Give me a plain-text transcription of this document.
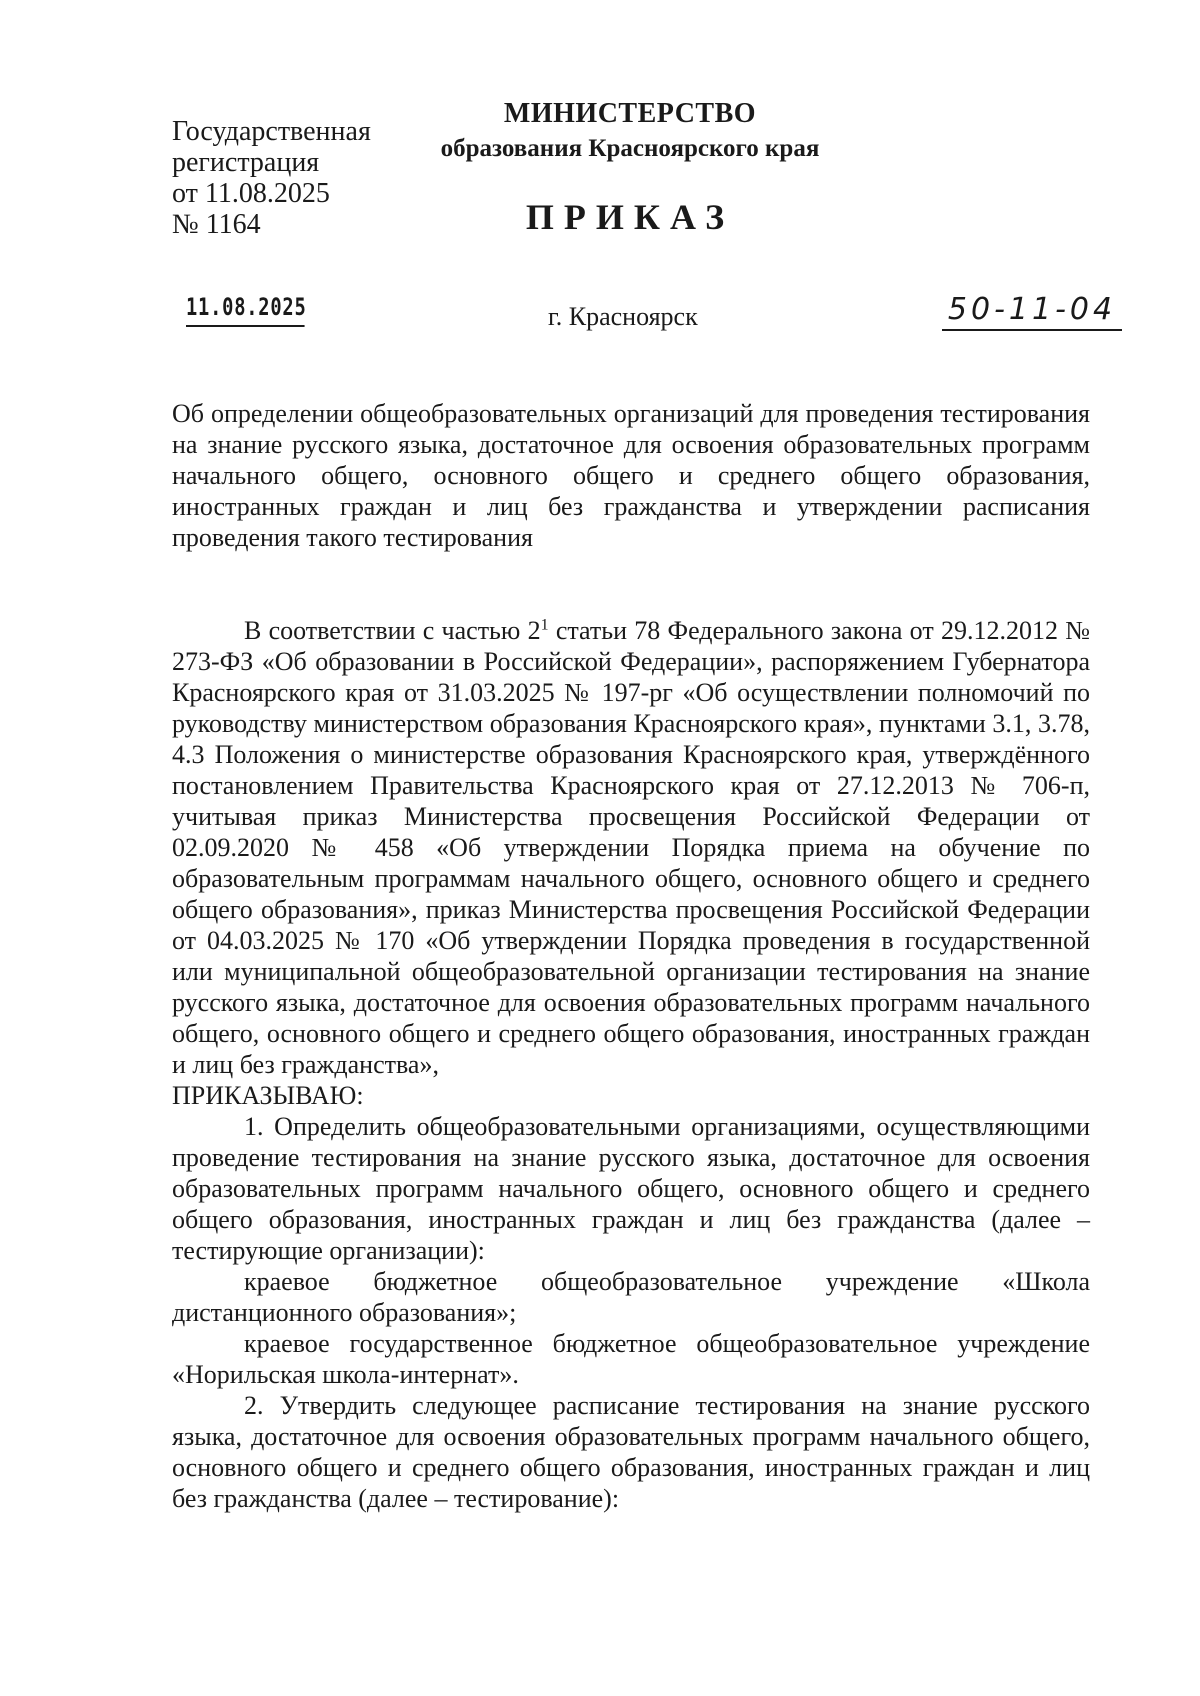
Государственная
регистрация
от 11.08.2025
№ 1164
МИНИСТЕРСТВО
образования Красноярского края
ПРИКАЗ
11.08.2025	г. Красноярск	50-11-04
Об определении общеобразовательных организаций для проведения тестирования на знание русского языка, достаточное для освоения образовательных программ начального общего, основного общего и среднего общего образования, иностранных граждан и лиц без гражданства и утверждении расписания проведения такого тестирования

В соответствии с частью $2^1$ статьи 78 Федерального закона от 29.12.2012 № 273-ФЗ «Об образовании в Российской Федерации», распоряжением Губернатора Красноярского края от 31.03.2025 № 197-рг «Об осуществлении полномочий по руководству министерством образования Красноярского края», пунктами 3.1, 3.78, 4.3 Положения о министерстве образования Красноярского края, утверждённого постановлением Правительства Красноярского края от 27.12.2013 № 706-п, учитывая приказ Министерства просвещения Российской Федерации от 02.09.2020 № 458 «Об утверждении Порядка приема на обучение по образовательным программам начального общего, основного общего и среднего общего образования», приказ Министерства просвещения Российской Федерации от 04.03.2025 № 170 «Об утверждении Порядка проведения в государственной или муниципальной общеобразовательной организации тестирования на знание русского языка, достаточное для освоения образовательных программ начального общего, основного общего и среднего общего образования, иностранных граждан и лиц без гражданства»,

ПРИКАЗЫВАЮ:

1. Определить общеобразовательными организациями, осуществляющими проведение тестирования на знание русского языка, достаточное для освоения образовательных программ начального общего, основного общего и среднего общего образования, иностранных граждан и лиц без гражданства (далее – тестирующие организации):

краевое бюджетное общеобразовательное учреждение «Школа дистанционного образования»;

краевое государственное бюджетное общеобразовательное учреждение «Норильская школа-интернат».

2. Утвердить следующее расписание тестирования на знание русского языка, достаточное для освоения образовательных программ начального общего, основного общего и среднего общего образования, иностранных граждан и лиц без гражданства (далее – тестирование):
